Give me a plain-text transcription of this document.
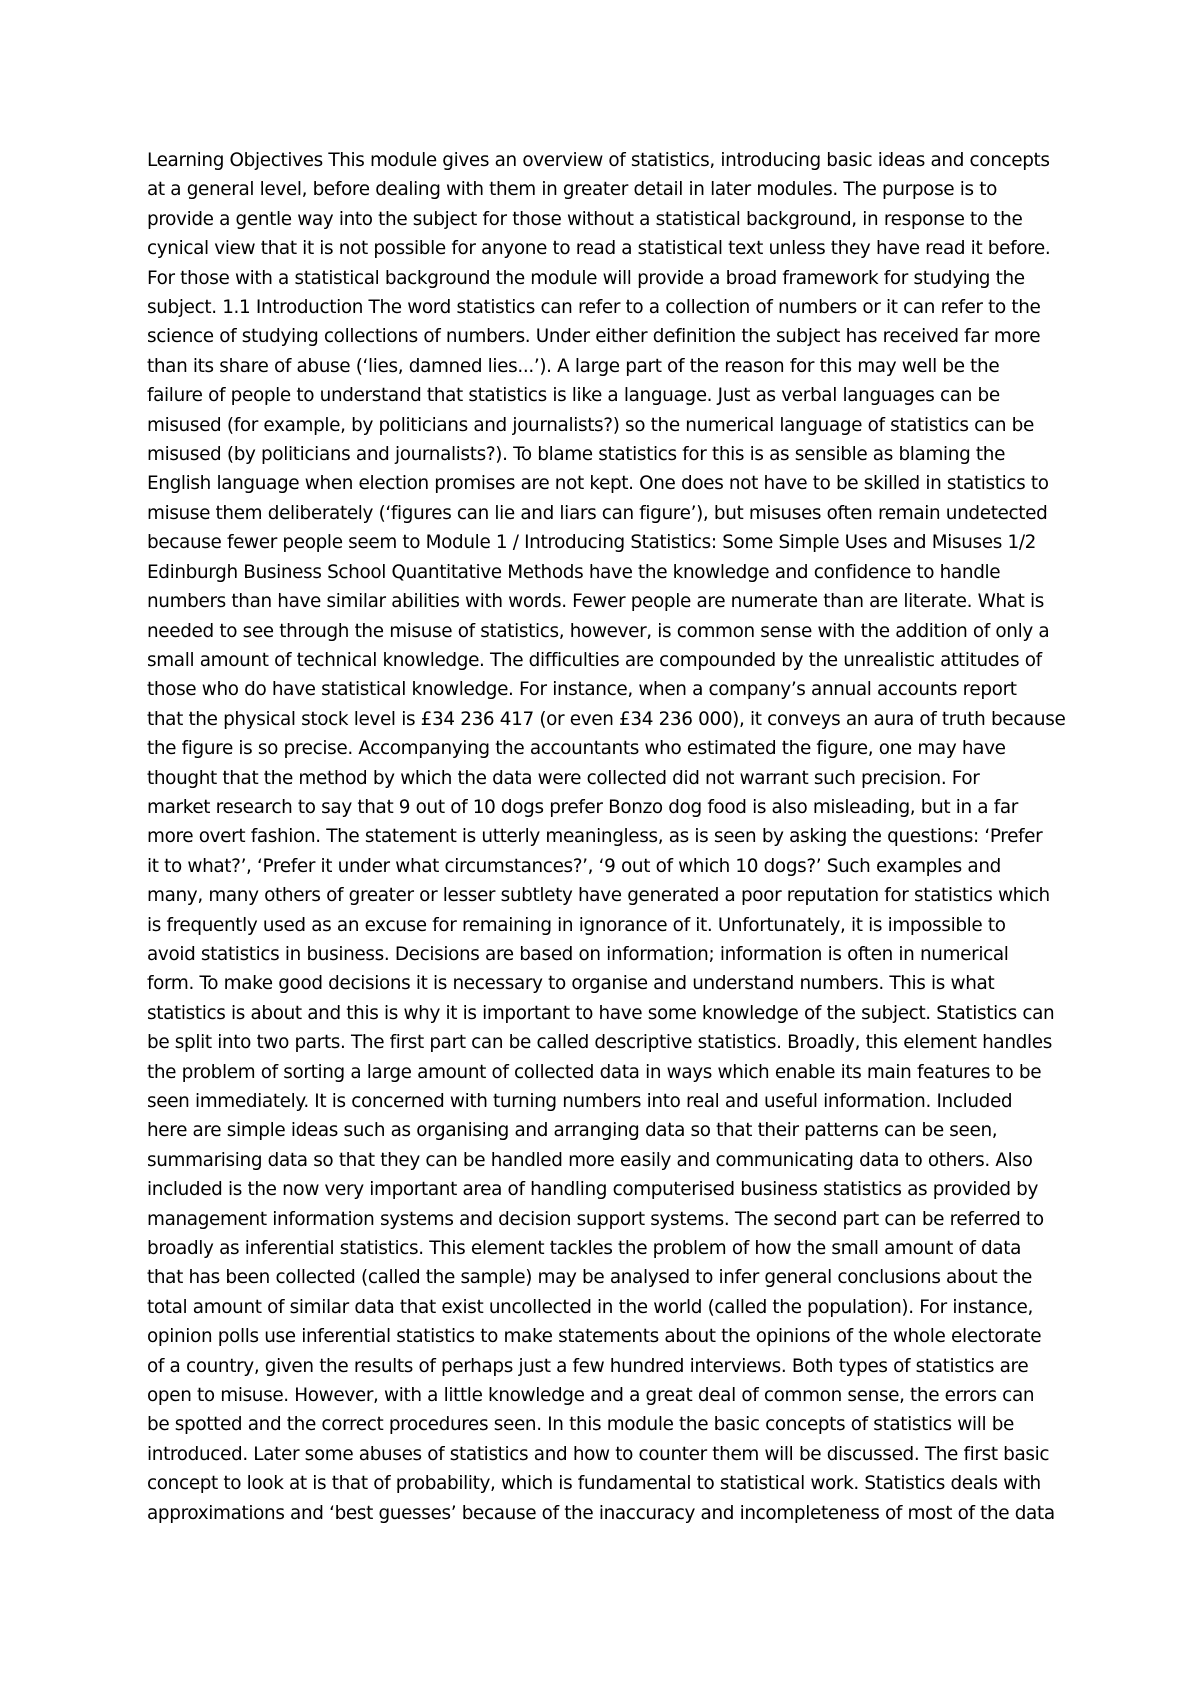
Learning Objectives This module gives an overview of statistics, introducing basic ideas and concepts
at a general level, before dealing with them in greater detail in later modules. The purpose is to
provide a gentle way into the subject for those without a statistical background, in response to the
cynical view that it is not possible for anyone to read a statistical text unless they have read it before.
For those with a statistical background the module will provide a broad framework for studying the
subject. 1.1 Introduction The word statistics can refer to a collection of numbers or it can refer to the
science of studying collections of numbers. Under either definition the subject has received far more
than its share of abuse (‘lies, damned lies...’). A large part of the reason for this may well be the
failure of people to understand that statistics is like a language. Just as verbal languages can be
misused (for example, by politicians and journalists?) so the numerical language of statistics can be
misused (by politicians and journalists?). To blame statistics for this is as sensible as blaming the
English language when election promises are not kept. One does not have to be skilled in statistics to
misuse them deliberately (‘figures can lie and liars can figure’), but misuses often remain undetected
because fewer people seem to Module 1 / Introducing Statistics: Some Simple Uses and Misuses 1/2
Edinburgh Business School Quantitative Methods have the knowledge and confidence to handle
numbers than have similar abilities with words. Fewer people are numerate than are literate. What is
needed to see through the misuse of statistics, however, is common sense with the addition of only a
small amount of technical knowledge. The difficulties are compounded by the unrealistic attitudes of
those who do have statistical knowledge. For instance, when a company’s annual accounts report
that the physical stock level is £34 236 417 (or even £34 236 000), it conveys an aura of truth because
the figure is so precise. Accompanying the accountants who estimated the figure, one may have
thought that the method by which the data were collected did not warrant such precision. For
market research to say that 9 out of 10 dogs prefer Bonzo dog food is also misleading, but in a far
more overt fashion. The statement is utterly meaningless, as is seen by asking the questions: ‘Prefer
it to what?’, ‘Prefer it under what circumstances?’, ‘9 out of which 10 dogs?’ Such examples and
many, many others of greater or lesser subtlety have generated a poor reputation for statistics which
is frequently used as an excuse for remaining in ignorance of it. Unfortunately, it is impossible to
avoid statistics in business. Decisions are based on information; information is often in numerical
form. To make good decisions it is necessary to organise and understand numbers. This is what
statistics is about and this is why it is important to have some knowledge of the subject. Statistics can
be split into two parts. The first part can be called descriptive statistics. Broadly, this element handles
the problem of sorting a large amount of collected data in ways which enable its main features to be
seen immediately. It is concerned with turning numbers into real and useful information. Included
here are simple ideas such as organising and arranging data so that their patterns can be seen,
summarising data so that they can be handled more easily and communicating data to others. Also
included is the now very important area of handling computerised business statistics as provided by
management information systems and decision support systems. The second part can be referred to
broadly as inferential statistics. This element tackles the problem of how the small amount of data
that has been collected (called the sample) may be analysed to infer general conclusions about the
total amount of similar data that exist uncollected in the world (called the population). For instance,
opinion polls use inferential statistics to make statements about the opinions of the whole electorate
of a country, given the results of perhaps just a few hundred interviews. Both types of statistics are
open to misuse. However, with a little knowledge and a great deal of common sense, the errors can
be spotted and the correct procedures seen. In this module the basic concepts of statistics will be
introduced. Later some abuses of statistics and how to counter them will be discussed. The first basic
concept to look at is that of probability, which is fundamental to statistical work. Statistics deals with
approximations and ‘best guesses’ because of the inaccuracy and incompleteness of most of the data
